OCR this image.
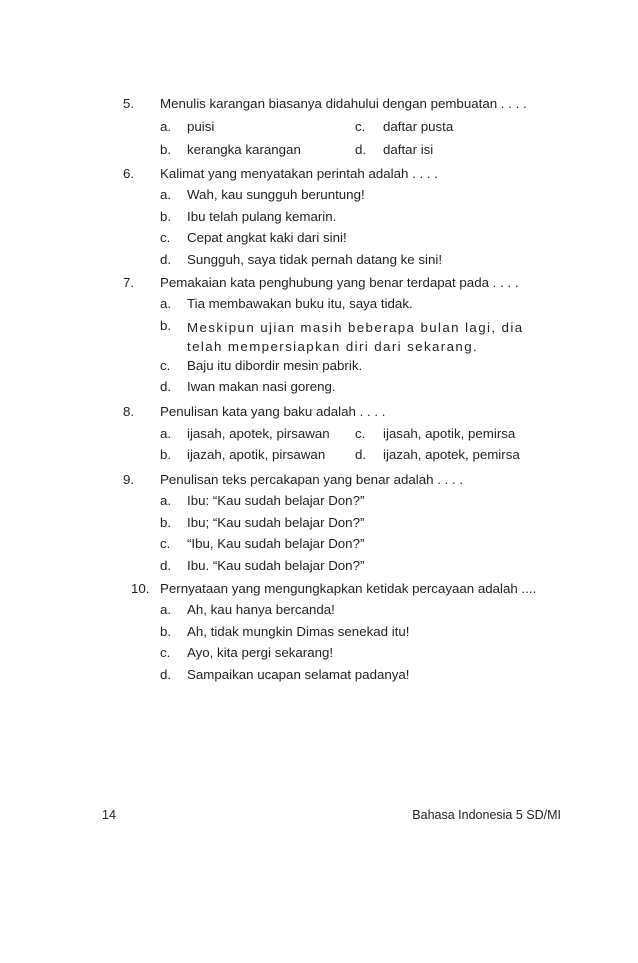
5.	Menulis karangan biasanya didahului dengan pembuatan . . . .
a. puisi	c. daftar pusta
b. kerangka karangan	d. daftar isi
6.	Kalimat yang menyatakan perintah adalah . . . .
a. Wah, kau sungguh beruntung!
b. Ibu telah pulang kemarin.
c. Cepat angkat kaki dari sini!
d. Sungguh, saya tidak pernah datang ke sini!
7.	Pemakaian kata penghubung yang benar terdapat pada . . . .
a. Tia membawakan buku itu, saya tidak.
b. Meskipun ujian masih beberapa bulan lagi, dia telah mempersiapkan diri dari sekarang.
c. Baju itu dibordir mesin pabrik.
d. Iwan makan nasi goreng.
8.	Penulisan kata yang baku adalah . . . .
a. ijasah, apotek, pirsawan c. ijasah, apotik, pemirsa
b. ijazah, apotik, pirsawan d. ijazah, apotek, pemirsa
9.	Penulisan teks percakapan yang benar adalah . . . .
a. Ibu: “Kau sudah belajar Don?”
b. Ibu; “Kau sudah belajar Don?”
c. “Ibu, Kau sudah belajar Don?”
d. Ibu. “Kau sudah belajar Don?”
10. Pernyataan yang mengungkapkan ketidak percayaan adalah ....
a. Ah, kau hanya bercanda!
b. Ah, tidak mungkin Dimas senekad itu!
c. Ayo, kita pergi sekarang!
d. Sampaikan ucapan selamat padanya!
14	Bahasa Indonesia 5 SD/MI
